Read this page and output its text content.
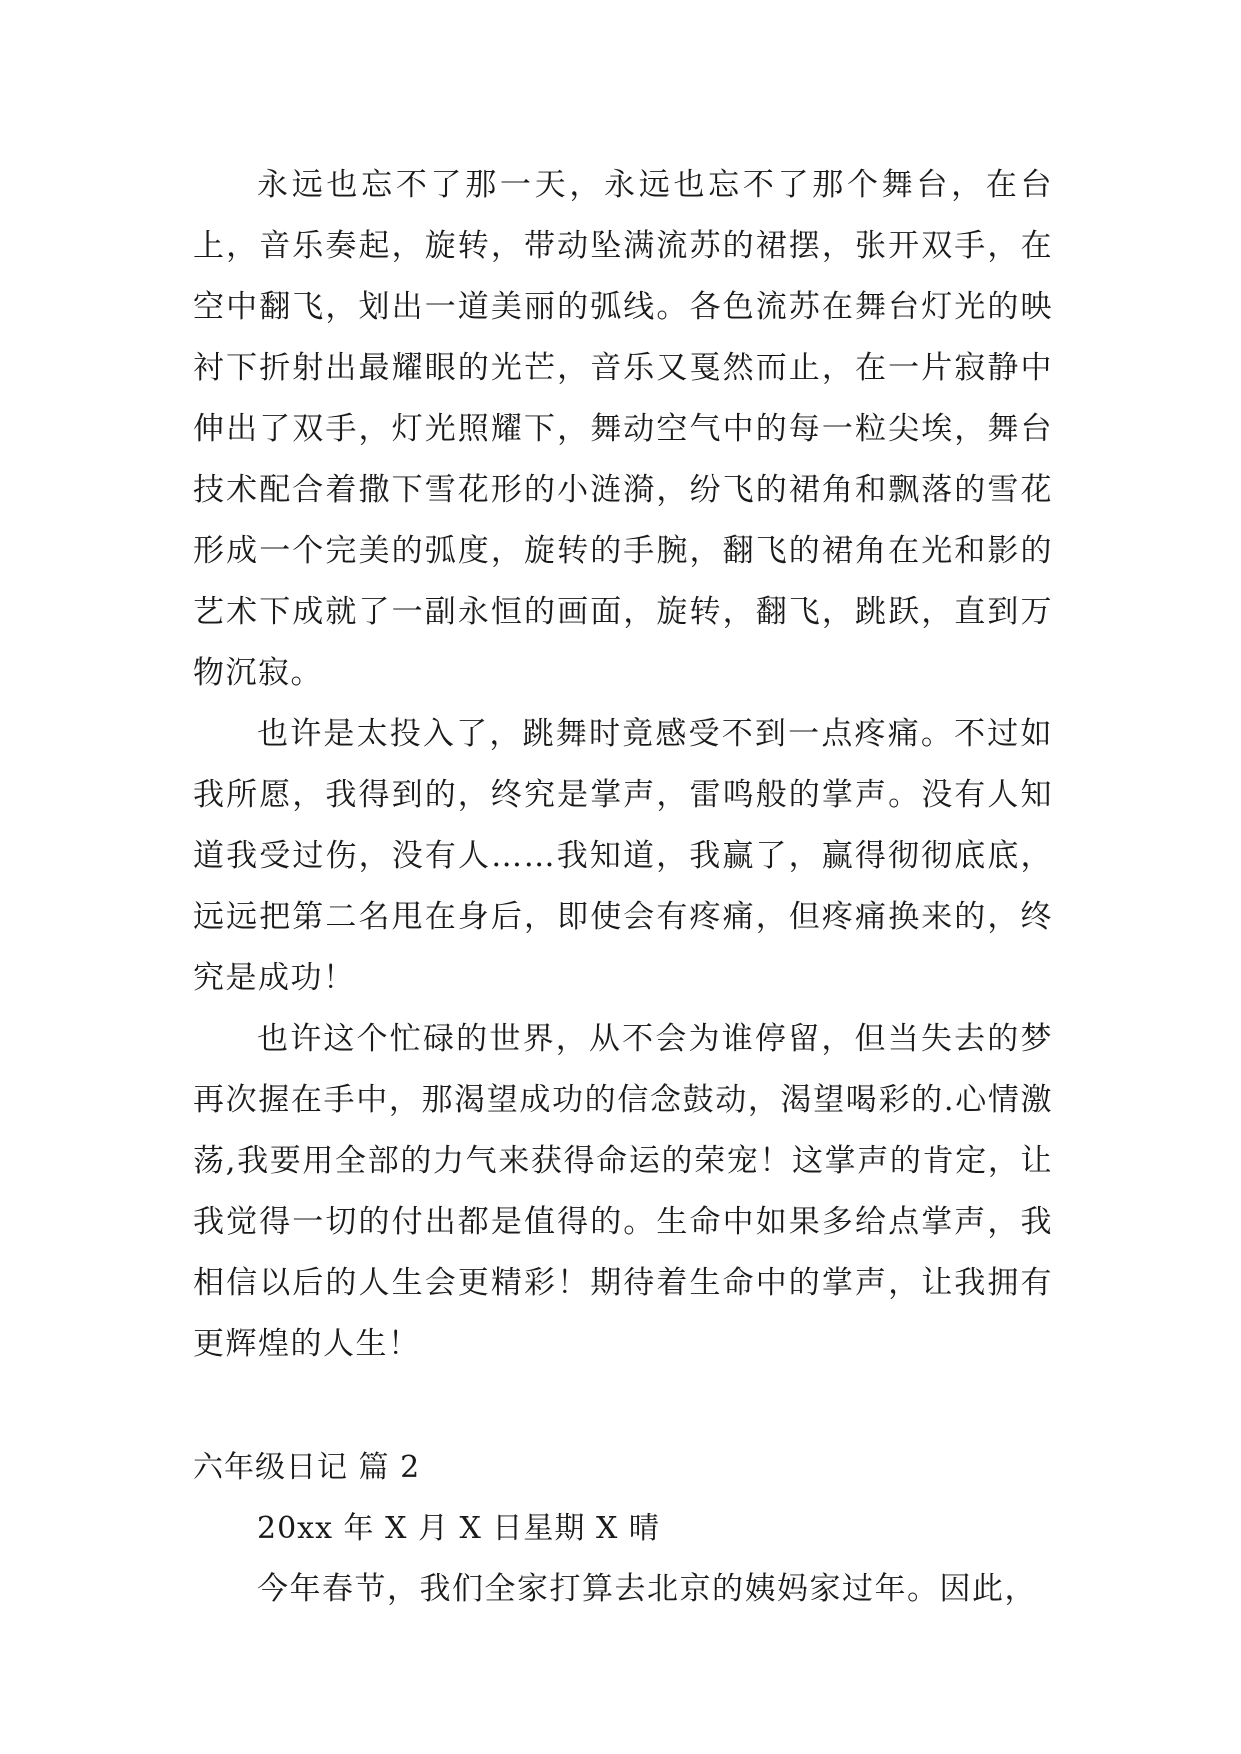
永远也忘不了那一天，永远也忘不了那个舞台，在台上，音乐奏起，旋转，带动坠满流苏的裙摆，张开双手，在空中翻飞，划出一道美丽的弧线。各色流苏在舞台灯光的映衬下折射出最耀眼的光芒，音乐又戛然而止，在一片寂静中伸出了双手，灯光照耀下，舞动空气中的每一粒尖埃，舞台技术配合着撒下雪花形的小涟漪，纷飞的裙角和飘落的雪花形成一个完美的弧度，旋转的手腕，翻飞的裙角在光和影的艺术下成就了一副永恒的画面，旋转，翻飞，跳跃，直到万物沉寂。

也许是太投入了，跳舞时竟感受不到一点疼痛。不过如我所愿，我得到的，终究是掌声，雷鸣般的掌声。没有人知道我受过伤，没有人……我知道，我赢了，赢得彻彻底底，远远把第二名甩在身后，即使会有疼痛，但疼痛换来的，终究是成功！

也许这个忙碌的世界，从不会为谁停留，但当失去的梦再次握在手中，那渴望成功的信念鼓动，渴望喝彩的.心情激荡,我要用全部的力气来获得命运的荣宠！这掌声的肯定，让我觉得一切的付出都是值得的。生命中如果多给点掌声，我相信以后的人生会更精彩！期待着生命中的掌声，让我拥有更辉煌的人生！

六年级日记 篇 2

20xx 年 X 月 X 日星期 X 晴

今年春节，我们全家打算去北京的姨妈家过年。因此，
